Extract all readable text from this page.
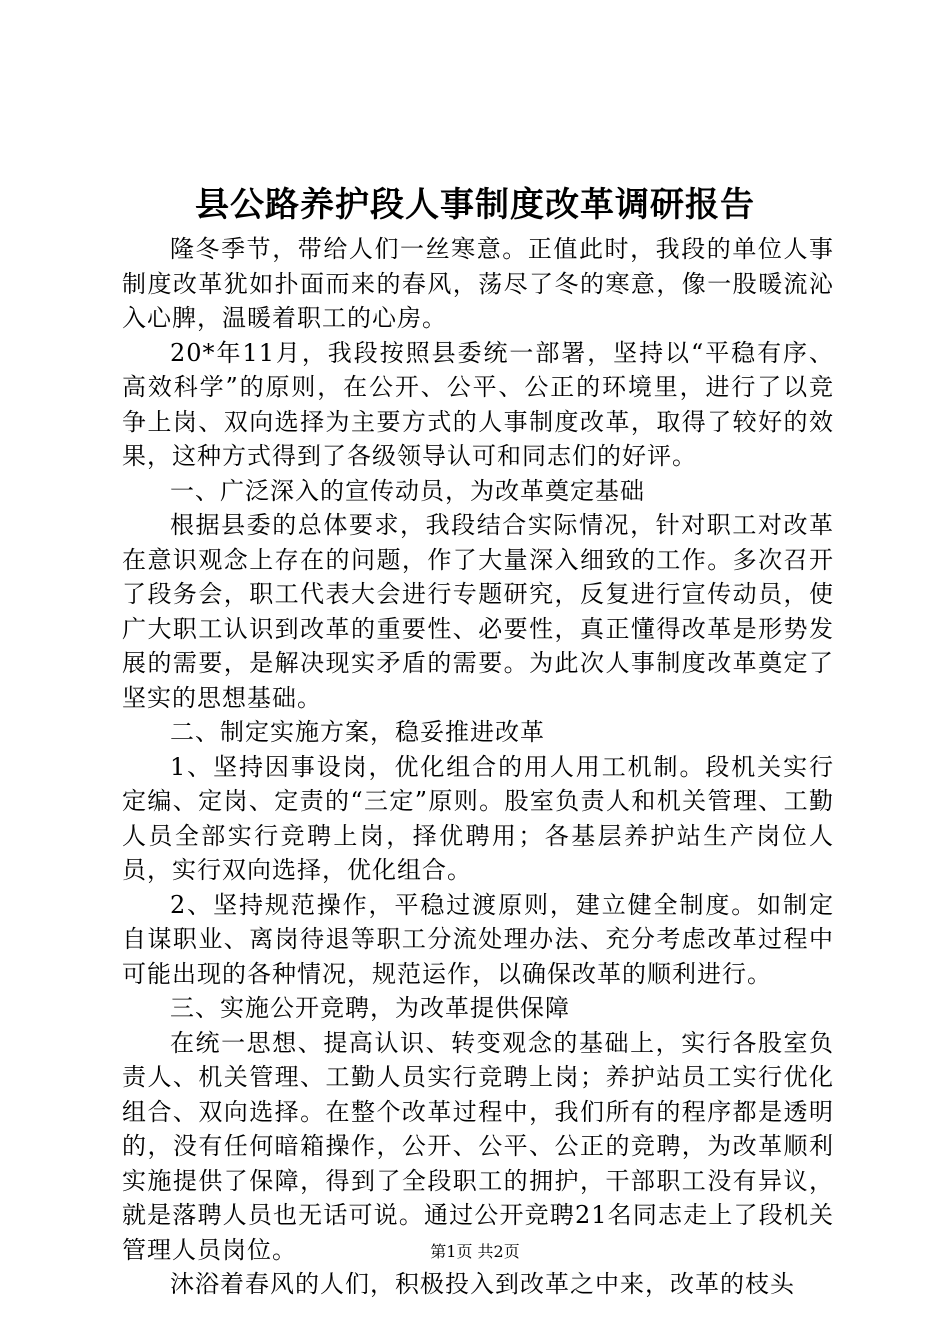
县公路养护段人事制度改革调研报告

隆冬季节，带给人们一丝寒意。正值此时，我段的单位人事制度改革犹如扑面而来的春风，荡尽了冬的寒意，像一股暖流沁入心脾，温暖着职工的心房。

20*年11月，我段按照县委统一部署，坚持以“平稳有序、高效科学”的原则，在公开、公平、公正的环境里，进行了以竞争上岗、双向选择为主要方式的人事制度改革，取得了较好的效果，这种方式得到了各级领导认可和同志们的好评。

一、广泛深入的宣传动员，为改革奠定基础

根据县委的总体要求，我段结合实际情况，针对职工对改革在意识观念上存在的问题，作了大量深入细致的工作。多次召开了段务会，职工代表大会进行专题研究，反复进行宣传动员，使广大职工认识到改革的重要性、必要性，真正懂得改革是形势发展的需要，是解决现实矛盾的需要。为此次人事制度改革奠定了坚实的思想基础。

二、制定实施方案，稳妥推进改革

1、坚持因事设岗，优化组合的用人用工机制。段机关实行定编、定岗、定责的“三定”原则。股室负责人和机关管理、工勤人员全部实行竞聘上岗，择优聘用；各基层养护站生产岗位人员，实行双向选择，优化组合。

2、坚持规范操作，平稳过渡原则，建立健全制度。如制定自谋职业、离岗待退等职工分流处理办法、充分考虑改革过程中可能出现的各种情况，规范运作，以确保改革的顺利进行。

三、实施公开竞聘，为改革提供保障

在统一思想、提高认识、转变观念的基础上，实行各股室负责人、机关管理、工勤人员实行竞聘上岗；养护站员工实行优化组合、双向选择。在整个改革过程中，我们所有的程序都是透明的，没有任何暗箱操作，公开、公平、公正的竞聘，为改革顺利实施提供了保障，得到了全段职工的拥护，干部职工没有异议，就是落聘人员也无话可说。通过公开竞聘21名同志走上了段机关管理人员岗位。

沐浴着春风的人们，积极投入到改革之中来，改革的枝头

第1页 共2页
